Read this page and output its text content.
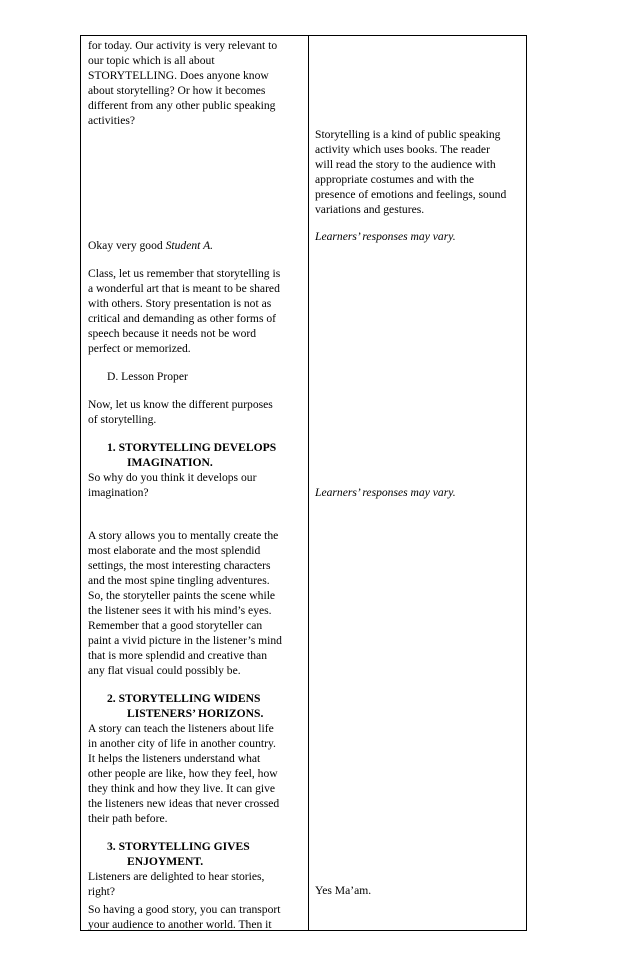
for today. Our activity is very relevant to

our topic which is all about

STORYTELLING. Does anyone know

about storytelling? Or how it becomes

different from any other public speaking

activities?

Okay very good Student A.

Class, let us remember that storytelling is

a wonderful art that is meant to be shared

with others. Story presentation is not as

critical and demanding as other forms of

speech because it needs not be word

perfect or memorized.

D. Lesson Proper

Now, let us know the different purposes

of storytelling.

1. STORYTELLING DEVELOPS

IMAGINATION.

So why do you think it develops our

imagination?

A story allows you to mentally create the

most elaborate and the most splendid

settings, the most interesting characters

and the most spine tingling adventures.

So, the storyteller paints the scene while

the listener sees it with his mind’s eyes.

Remember that a good storyteller can

paint a vivid picture in the listener’s mind

that is more splendid and creative than

any flat visual could possibly be.

2. STORYTELLING WIDENS

LISTENERS’ HORIZONS.

A story can teach the listeners about life

in another city of life in another country.

It helps the listeners understand what

other people are like, how they feel, how

they think and how they live. It can give

the listeners new ideas that never crossed

their path before.

3. STORYTELLING GIVES

ENJOYMENT.

Listeners are delighted to hear stories,

right?

So having a good story, you can transport

your audience to another world. Then it

Storytelling is a kind of public speaking

activity which uses books. The reader

will read the story to the audience with

appropriate costumes and with the

presence of emotions and feelings, sound

variations and gestures.

Learners’ responses may vary.

Learners’ responses may vary.

Yes Ma’am.
